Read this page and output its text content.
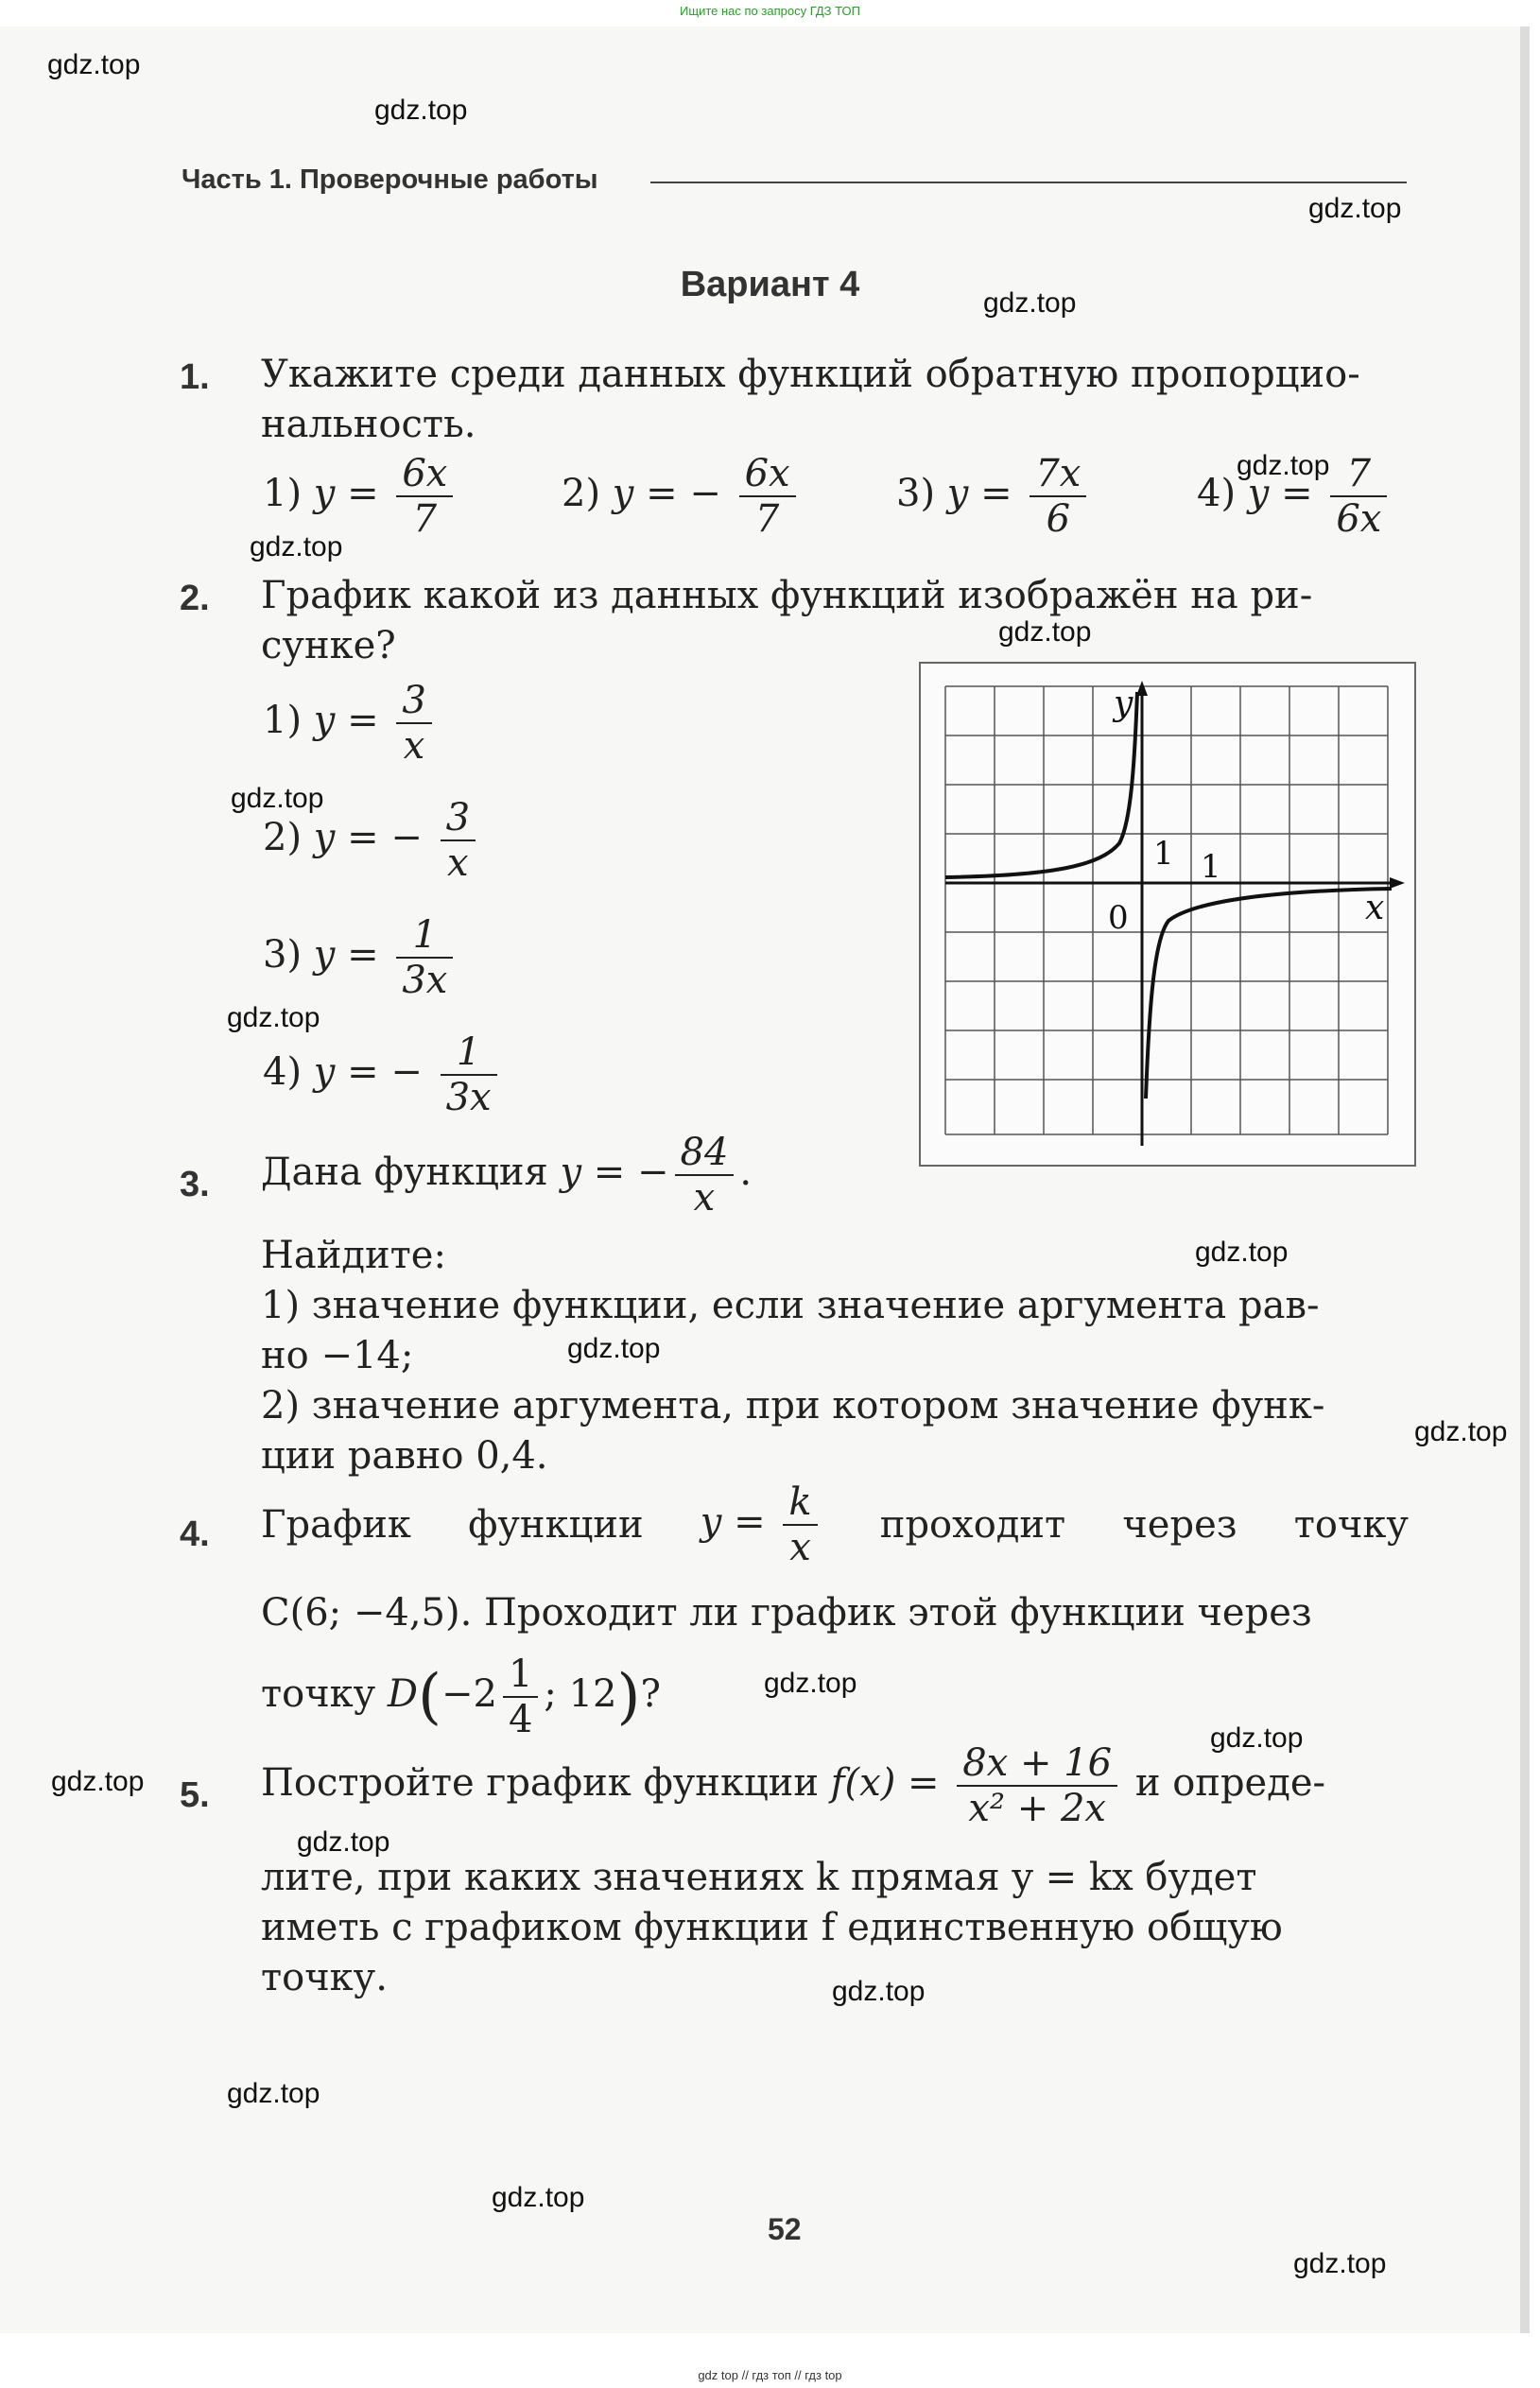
Ищите нас по запросу ГДЗ ТОП
Часть 1. Проверочные работы
Вариант 4
1. Укажите среди данных функций обратную пропорцио-
нальность.
1) $y = \frac{6x}{7}$	2) y = − $\frac{6x}{7}$	3) $y = \frac{7x}{6}$	4) $y = \frac{7}{6x}$
2. График какой из данных функций изображён на ри-
сунке?
1) $y = \frac{3}{x}$
2) y = − $\frac{3}{x}$
3) $y = \frac{1}{3x}$
4) y = − $\frac{1}{3x}$
y
x
0
1 1
3. Дана функция y = − $\frac{84}{x}$ .
Найдите:
1) значение функции, если значение аргумента рав-
но −14;
2) значение аргумента, при котором значение функ-
ции равно 0,4.
4. График функции $y = \frac{k}{x}$ проходит через точку
C(6; −4,5). Проходит ли график этой функции через
точку $D(-2 \frac{1}{4}$ ; 12)?
5. Постройте график функции $f(x) = \frac{8x + 16}{\text{x² + 2x}}$ и опреде-
лите, при каких значениях k прямая y = kx будет
иметь с графиком функции f единственную общую
точку.
52
gdz.top
gdz.top
gdz.top
gdz.top
gdz.top
gdz.top
gdz.top
gdz.top
gdz.top
gdz.top
gdz.top
gdz.top
gdz.top
gdz.top
gdz.top
gdz.top
gdz.top
gdz.top
gdz.top
gdz.top
gdz top // гдз топ // гдз top
